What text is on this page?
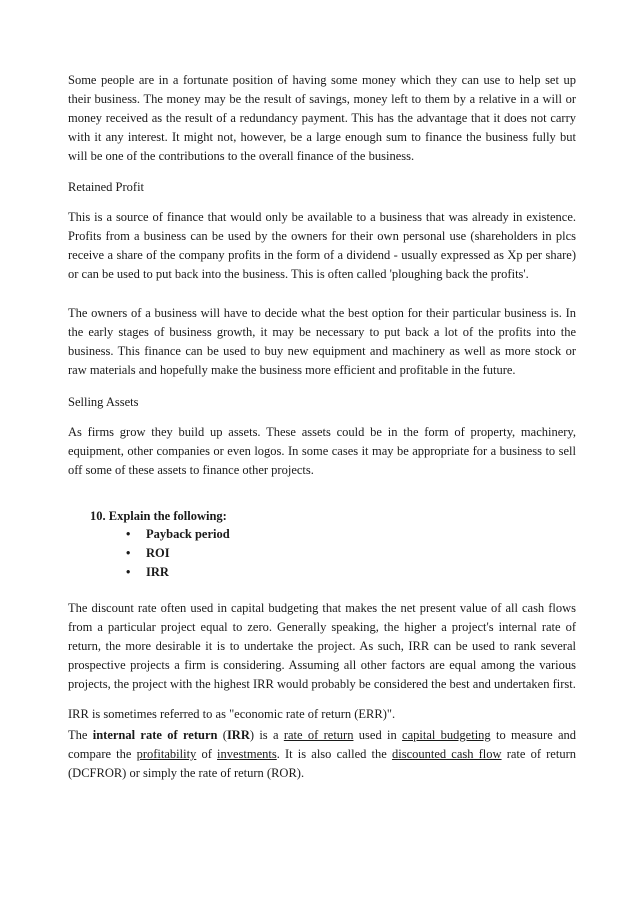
Some people are in a fortunate position of having some money which they can use to help set up their business. The money may be the result of savings, money left to them by a relative in a will or money received as the result of a redundancy payment. This has the advantage that it does not carry with it any interest. It might not, however, be a large enough sum to finance the business fully but will be one of the contributions to the overall finance of the business.

Retained Profit

This is a source of finance that would only be available to a business that was already in existence. Profits from a business can be used by the owners for their own personal use (shareholders in plcs receive a share of the company profits in the form of a dividend - usually expressed as Xp per share) or can be used to put back into the business. This is often called 'ploughing back the profits'.

The owners of a business will have to decide what the best option for their particular business is. In the early stages of business growth, it may be necessary to put back a lot of the profits into the business. This finance can be used to buy new equipment and machinery as well as more stock or raw materials and hopefully make the business more efficient and profitable in the future.

Selling Assets

As firms grow they build up assets. These assets could be in the form of property, machinery, equipment, other companies or even logos. In some cases it may be appropriate for a business to sell off some of these assets to finance other projects.

10. Explain the following:

•	Payback period
•	ROI
•	IRR

The discount rate often used in capital budgeting that makes the net present value of all cash flows from a particular project equal to zero. Generally speaking, the higher a project's internal rate of return, the more desirable it is to undertake the project. As such, IRR can be used to rank several prospective projects a firm is considering. Assuming all other factors are equal among the various projects, the project with the highest IRR would probably be considered the best and undertaken first.

IRR is sometimes referred to as "economic rate of return (ERR)".

The internal rate of return (IRR) is a rate of return used in capital budgeting to measure and compare the profitability of investments. It is also called the discounted cash flow rate of return (DCFROR) or simply the rate of return (ROR).
